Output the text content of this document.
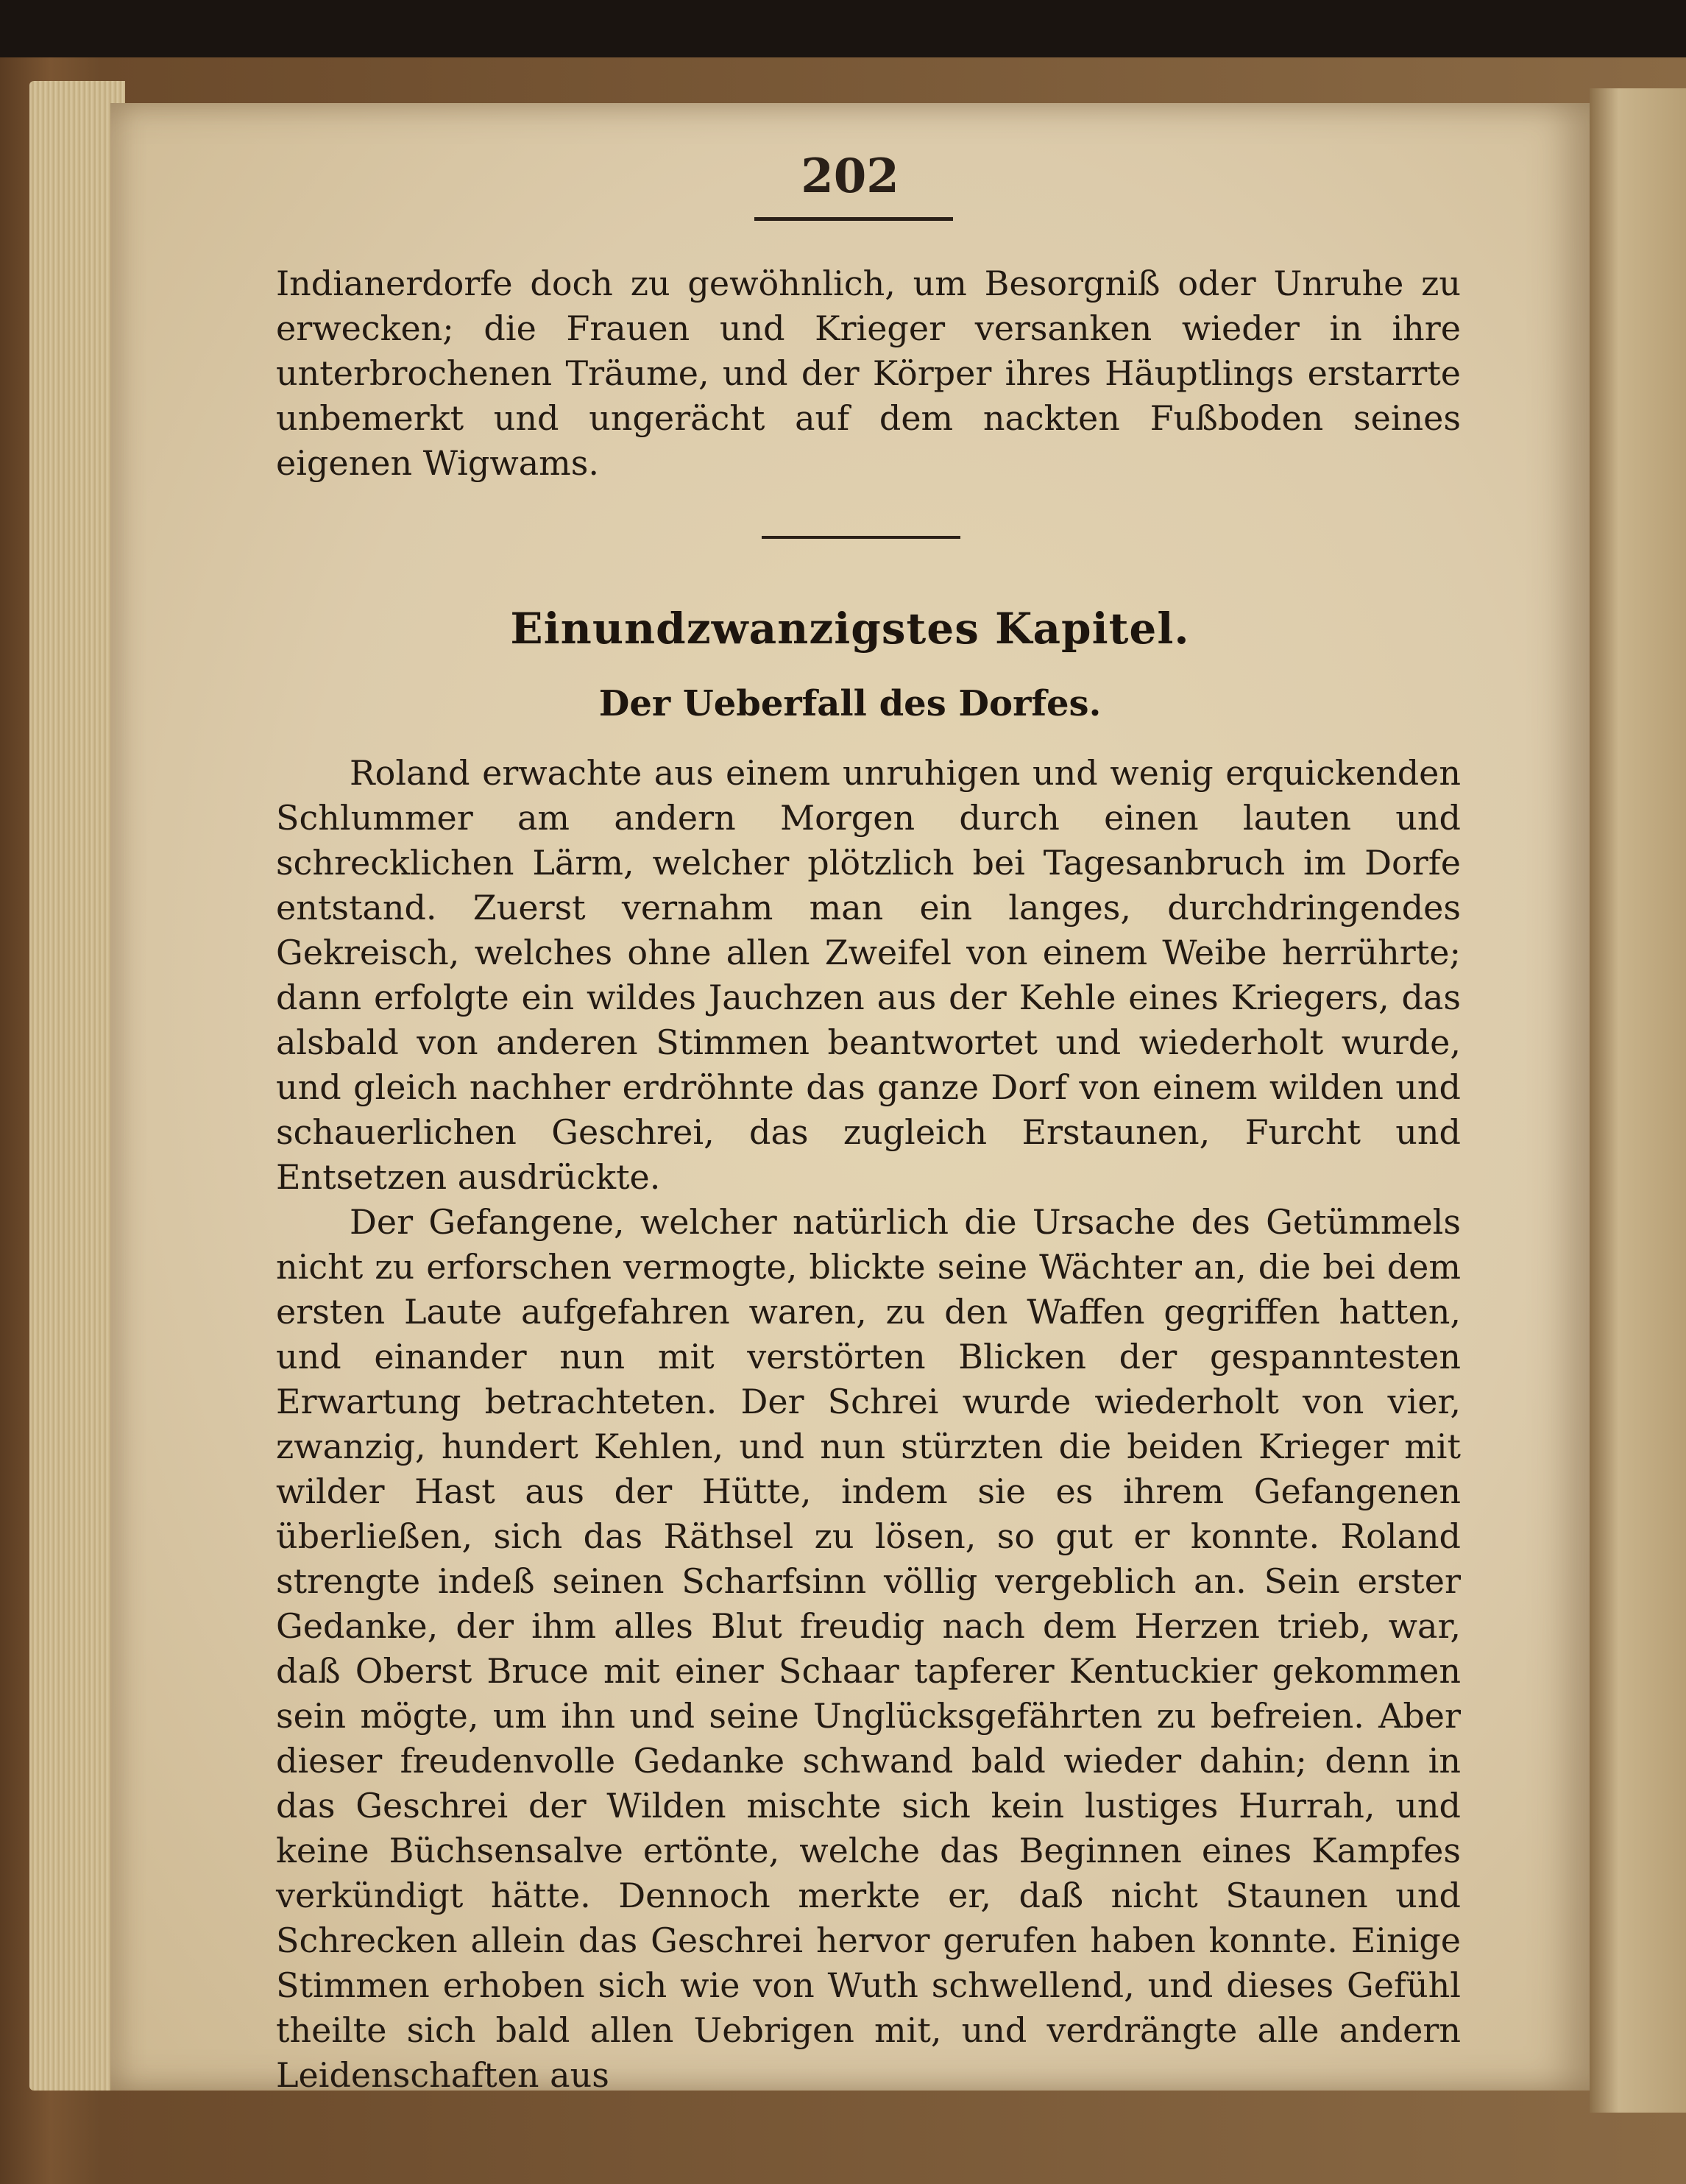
202

Indianerdorfe doch zu gewöhnlich, um Besorgniß oder Unruhe zu erwecken; die Frauen und Krieger versanken wieder in ihre unterbrochenen Träume, und der Körper ihres Häuptlings erstarrte unbemerkt und ungerächt auf dem nackten Fußboden seines eigenen Wigwams.

Einundzwanzigstes Kapitel.
Der Ueberfall des Dorfes.

Roland erwachte aus einem unruhigen und wenig erquickenden Schlummer am andern Morgen durch einen lauten und schrecklichen Lärm, welcher plötzlich bei Tagesanbruch im Dorfe entstand. Zuerst vernahm man ein langes, durchdringendes Gekreisch, welches ohne allen Zweifel von einem Weibe herrührte; dann erfolgte ein wildes Jauchzen aus der Kehle eines Kriegers, das alsbald von anderen Stimmen beantwortet und wiederholt wurde, und gleich nachher erdröhnte das ganze Dorf von einem wilden und schauerlichen Geschrei, das zugleich Erstaunen, Furcht und Entsetzen ausdrückte.

Der Gefangene, welcher natürlich die Ursache des Getümmels nicht zu erforschen vermogte, blickte seine Wächter an, die bei dem ersten Laute aufgefahren waren, zu den Waffen gegriffen hatten, und einander nun mit verstörten Blicken der gespanntesten Erwartung betrachteten. Der Schrei wurde wiederholt von vier, zwanzig, hundert Kehlen, und nun stürzten die beiden Krieger mit wilder Hast aus der Hütte, indem sie es ihrem Gefangenen überließen, sich das Räthsel zu lösen, so gut er konnte. Roland strengte indeß seinen Scharfsinn völlig vergeblich an. Sein erster Gedanke, der ihm alles Blut freudig nach dem Herzen trieb, war, daß Oberst Bruce mit einer Schaar tapferer Kentuckier gekommen sein mögte, um ihn und seine Unglücksgefährten zu befreien. Aber dieser freudenvolle Gedanke schwand bald wieder dahin; denn in das Geschrei der Wilden mischte sich kein lustiges Hurrah, und keine Büchsensalve ertönte, welche das Beginnen eines Kampfes verkündigt hätte. Dennoch merkte er, daß nicht Staunen und Schrecken allein das Geschrei hervor gerufen haben konnte. Einige Stimmen erhoben sich wie von Wuth schwellend, und dieses Gefühl theilte sich bald allen Uebrigen mit, und verdrängte alle andern Leidenschaften aus
